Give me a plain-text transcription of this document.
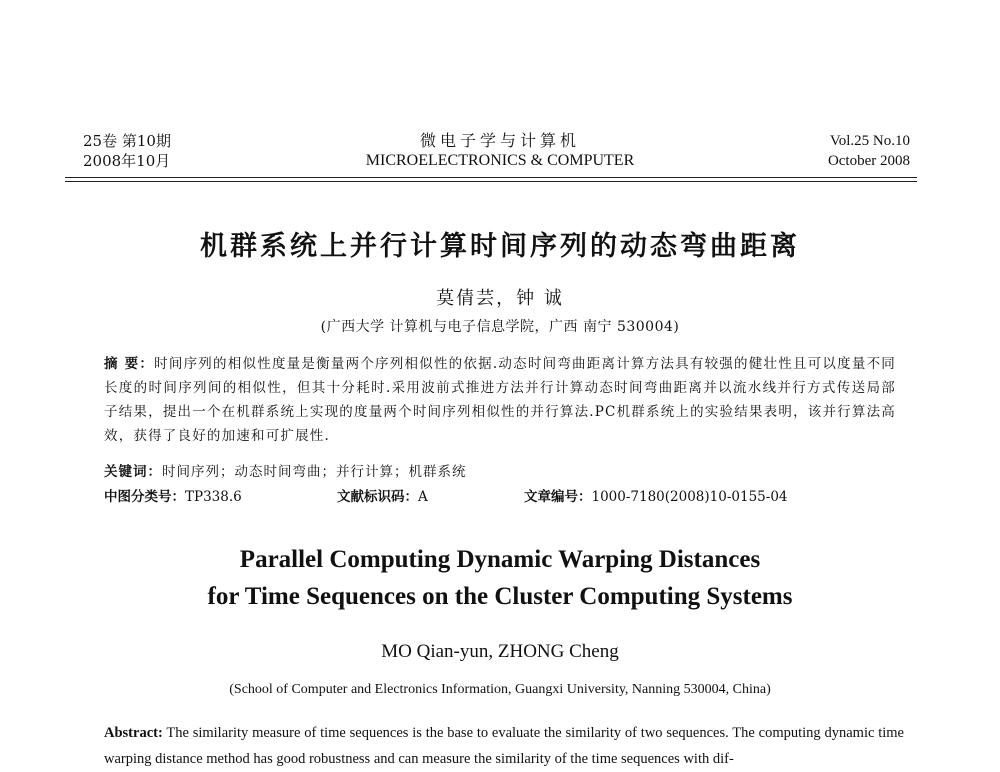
25卷 第10期
2008年10月
微电子学与计算机
MICROELECTRONICS & COMPUTER
Vol.25 No.10
October 2008
机群系统上并行计算时间序列的动态弯曲距离
莫倩芸，钟 诚
(广西大学 计算机与电子信息学院，广西 南宁 530004)
摘 要：时间序列的相似性度量是衡量两个序列相似性的依据.动态时间弯曲距离计算方法具有较强的健壮性且可以度量不同长度的时间序列间的相似性，但其十分耗时.采用波前式推进方法并行计算动态时间弯曲距离并以流水线并行方式传送局部子结果，提出一个在机群系统上实现的度量两个时间序列相似性的并行算法.PC机群系统上的实验结果表明，该并行算法高效，获得了良好的加速和可扩展性.
关键词：时间序列；动态时间弯曲；并行计算；机群系统
中图分类号：TP338.6	文献标识码：A	文章编号：1000-7180(2008)10-0155-04
Parallel Computing Dynamic Warping Distances
for Time Sequences on the Cluster Computing Systems
MO Qian-yun, ZHONG Cheng
(School of Computer and Electronics Information, Guangxi University, Nanning 530004, China)
Abstract: The similarity measure of time sequences is the base to evaluate the similarity of two sequences. The computing dynamic time warping distance method has good robustness and can measure the similarity of the time sequences with dif-
